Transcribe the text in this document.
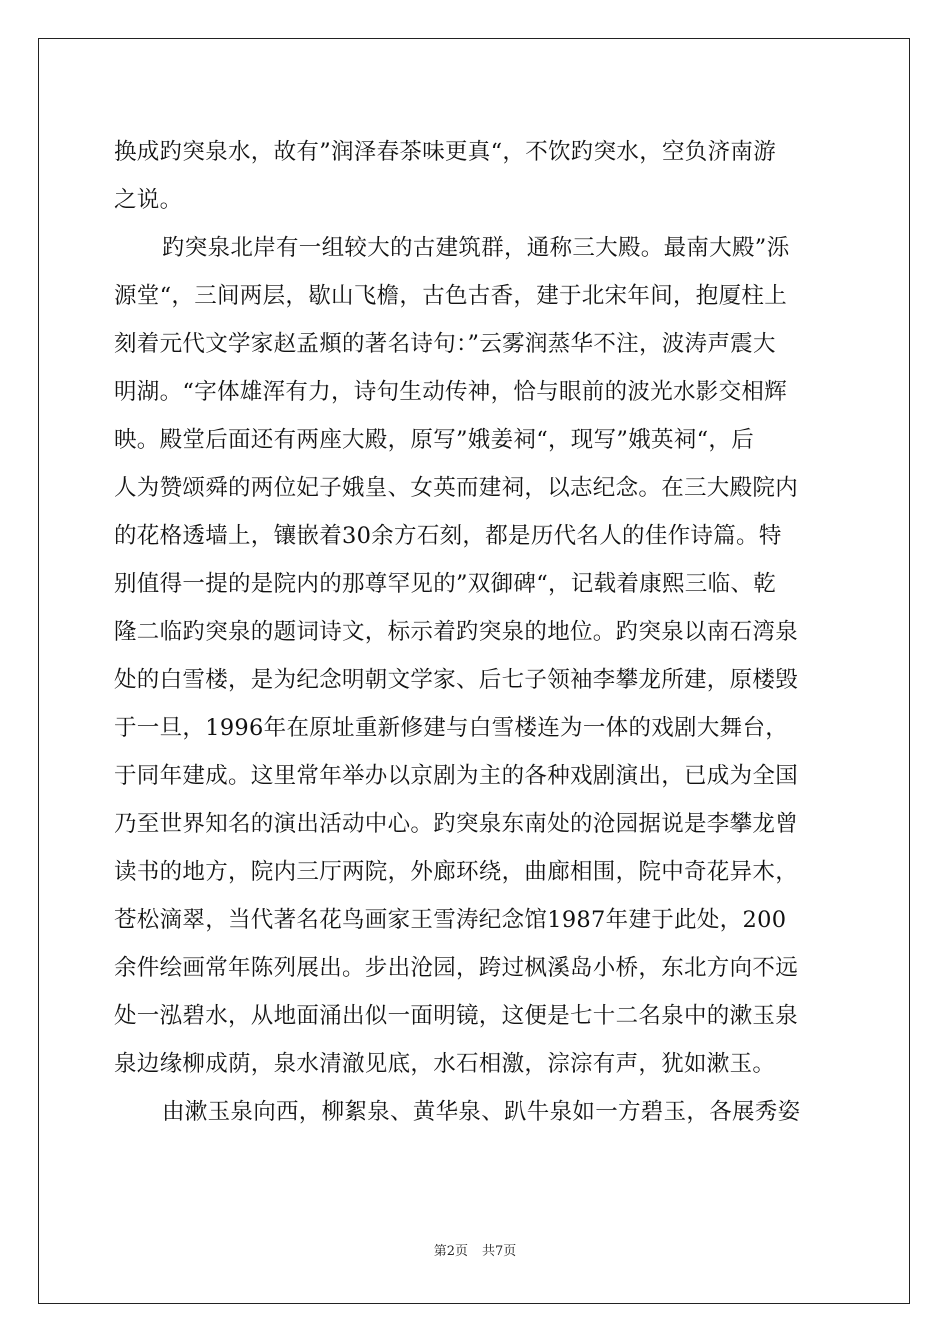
换成趵突泉水，故有”润泽春茶味更真“，不饮趵突水，空负济南游
之说。
趵突泉北岸有一组较大的古建筑群，通称三大殿。最南大殿”泺
源堂“，三间两层，歇山飞檐，古色古香，建于北宋年间，抱厦柱上
刻着元代文学家赵孟頫的著名诗句：”云雾润蒸华不注，波涛声震大
明湖。“字体雄浑有力，诗句生动传神，恰与眼前的波光水影交相辉
映。殿堂后面还有两座大殿，原写”娥姜祠“，现写”娥英祠“，后
人为赞颂舜的两位妃子娥皇、女英而建祠，以志纪念。在三大殿院内
的花格透墙上，镶嵌着30余方石刻，都是历代名人的佳作诗篇。特
别值得一提的是院内的那尊罕见的”双御碑“，记载着康熙三临、乾
隆二临趵突泉的题词诗文，标示着趵突泉的地位。趵突泉以南石湾泉
处的白雪楼，是为纪念明朝文学家、后七子领袖李攀龙所建，原楼毁
于一旦，1996年在原址重新修建与白雪楼连为一体的戏剧大舞台，
于同年建成。这里常年举办以京剧为主的各种戏剧演出，已成为全国
乃至世界知名的演出活动中心。趵突泉东南处的沧园据说是李攀龙曾
读书的地方，院内三厅两院，外廊环绕，曲廊相围，院中奇花异木，
苍松滴翠，当代著名花鸟画家王雪涛纪念馆1987年建于此处，200
余件绘画常年陈列展出。步出沧园，跨过枫溪岛小桥，东北方向不远
处一泓碧水，从地面涌出似一面明镜，这便是七十二名泉中的漱玉泉
泉边缘柳成荫，泉水清澈见底，水石相激，淙淙有声，犹如漱玉。
由漱玉泉向西，柳絮泉、黄华泉、趴牛泉如一方碧玉，各展秀姿
第2页 共7页
